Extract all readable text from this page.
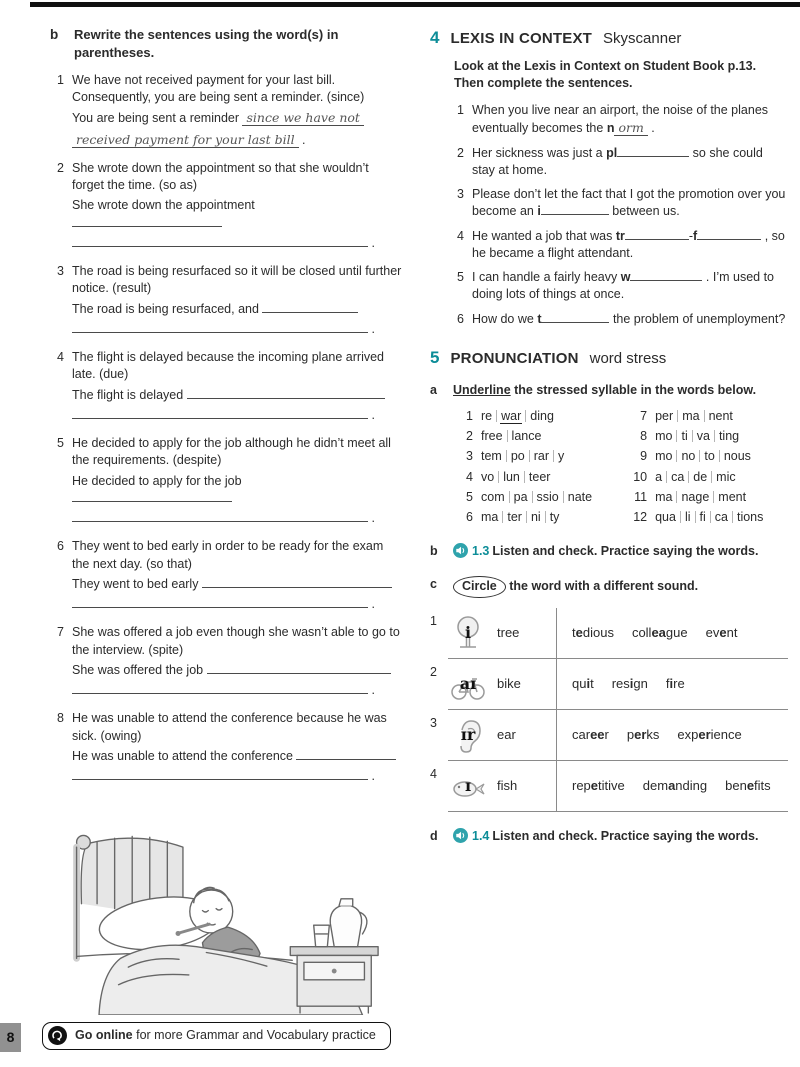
b	Rewrite the sentences using the word(s) in parentheses.
1 We have not received payment for your last bill. Consequently, you are being sent a reminder. (since)
You are being sent a reminder since we have not
received payment for your last bill .
2 She wrote down the appointment so that she wouldn’t forget the time. (so as)
She wrote down the appointment
.
3 The road is being resurfaced so it will be closed until further notice. (result)
The road is being resurfaced, and
.
4 The flight is delayed because the incoming plane arrived late. (due)
The flight is delayed
.
5 He decided to apply for the job although he didn’t meet all the requirements. (despite)
He decided to apply for the job
.
6 They went to bed early in order to be ready for the exam the next day. (so that)
They went to bed early
.
7 She was offered a job even though she wasn’t able to go to the interview. (spite)
She was offered the job
.
8 He was unable to attend the conference because he was sick. (owing)
He was unable to attend the conference
.
4 LEXIS IN CONTEXT Skyscanner
Look at the Lexis in Context on Student Book p.13. Then complete the sentences.
1 When you live near an airport, the noise of the planes eventually becomes the n orm .
2 Her sickness was just a pl	so she could stay at home.
3 Please don’t let the fact that I got the promotion over you become an i	between us.
4 He wanted a job that was tr	-f	, so he became a flight attendant.
5 I can handle a fairly heavy w	. I’m used to doing lots of things at once.
6 How do we t	the problem of unemployment?
5 PRONUNCIATION word stress
a	Underline the stressed syllable in the words below.
1 re war ding
2 free lance
3 tem po rar y
4 vo lun teer
5 com pa ssio nate
6 ma ter ni ty
7 per ma nent
8 mo ti va ting
9 mo no to nous
10 a ca de mic
11 ma nage ment
12 qua li fi ca tions
b	1.3 Listen and check. Practice saying the words.
c	Circle the word with a different sound.
1
i	tree	tedious colleague event
2
aɪ	bike	quit resign fire
3
ɪr	ear	career perks experience
4
ɪ	fish	repetitive demanding benefits
d	1.4 Listen and check. Practice saying the words.
8	Go online for more Grammar and Vocabulary practice
